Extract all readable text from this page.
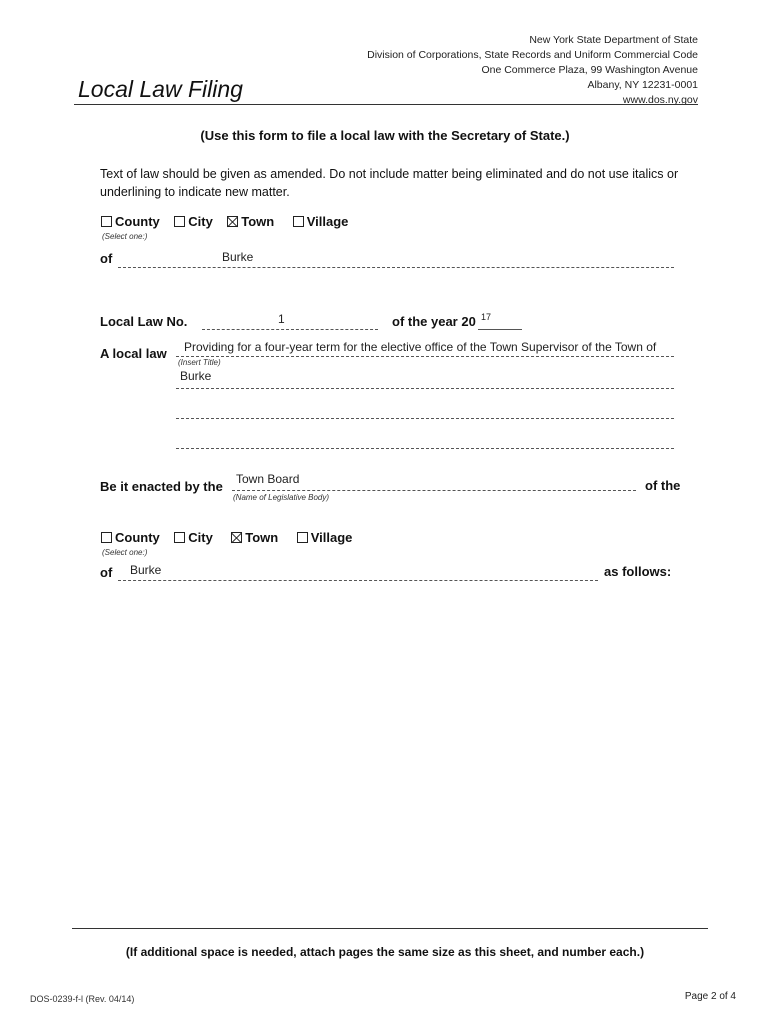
New York State Department of State
Division of Corporations, State Records and Uniform Commercial Code
One Commerce Plaza, 99 Washington Avenue
Albany, NY 12231-0001
www.dos.ny.gov
Local Law Filing
(Use this form to file a local law with the Secretary of State.)
Text of law should be given as amended. Do not include matter being eliminated and do not use italics or underlining to indicate new matter.
County
City
Town
Village
(Select one:)
of	Burke
Local Law No.	1	of the year 20 17
A local law Providing for a four-year term for the elective office of the Town Supervisor of the Town of
(Insert Title)
Burke
Be it enacted by the Town Board
(Name of Legislative Body)
of the
County
City
Town
Village
(Select one:)
of Burke	as follows:
(If additional space is needed, attach pages the same size as this sheet, and number each.)
DOS-0239-f-l (Rev. 04/14)	Page 2 of 4
